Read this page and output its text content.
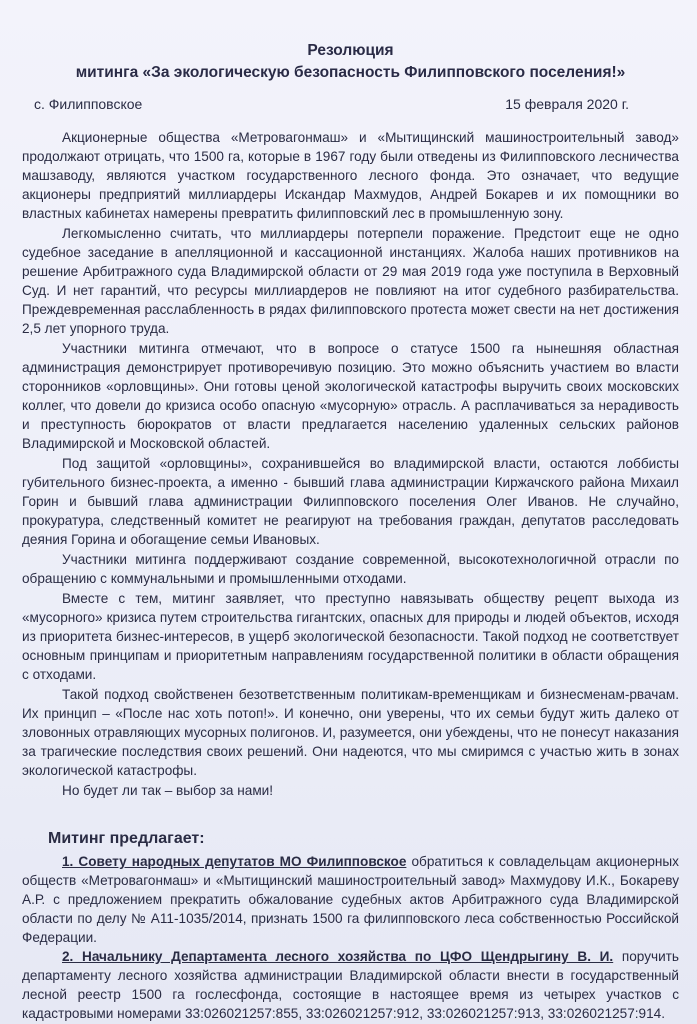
Резолюция
митинга «За экологическую безопасность Филипповского поселения!»
с. Филипповское	15 февраля 2020 г.

Акционерные общества «Метровагонмаш» и «Мытищинский машиностроительный завод» продолжают отрицать, что 1500 га, которые в 1967 году были отведены из Филипповского лесничества машзаводу, являются участком государственного лесного фонда. Это означает, что ведущие акционеры предприятий миллиардеры Искандар Махмудов, Андрей Бокарев и их помощники во властных кабинетах намерены превратить филипповский лес в промышленную зону.

Легкомысленно считать, что миллиардеры потерпели поражение. Предстоит еще не одно судебное заседание в апелляционной и кассационной инстанциях. Жалоба наших противников на решение Арбитражного суда Владимирской области от 29 мая 2019 года уже поступила в Верховный Суд. И нет гарантий, что ресурсы миллиардеров не повлияют на итог судебного разбирательства. Преждевременная расслабленность в рядах филипповского протеста может свести на нет достижения 2,5 лет упорного труда.

Участники митинга отмечают, что в вопросе о статусе 1500 га нынешняя областная администрация демонстрирует противоречивую позицию. Это можно объяснить участием во власти сторонников «орловщины». Они готовы ценой экологической катастрофы выручить своих московских коллег, что довели до кризиса особо опасную «мусорную» отрасль. А расплачиваться за нерадивость и преступность бюрократов от власти предлагается населению удаленных сельских районов Владимирской и Московской областей.

Под защитой «орловщины», сохранившейся во владимирской власти, остаются лоббисты губительного бизнес-проекта, а именно - бывший глава администрации Киржачского района Михаил Горин и бывший глава администрации Филипповского поселения Олег Иванов. Не случайно, прокуратура, следственный комитет не реагируют на требования граждан, депутатов расследовать деяния Горина и обогащение семьи Ивановых.

Участники митинга поддерживают создание современной, высокотехнологичной отрасли по обращению с коммунальными и промышленными отходами.

Вместе с тем, митинг заявляет, что преступно навязывать обществу рецепт выхода из «мусорного» кризиса путем строительства гигантских, опасных для природы и людей объектов, исходя из приоритета бизнес-интересов, в ущерб экологической безопасности. Такой подход не соответствует основным принципам и приоритетным направлениям государственной политики в области обращения с отходами.

Такой подход свойственен безответственным политикам-временщикам и бизнесменам-рвачам. Их принцип – «После нас хоть потоп!». И конечно, они уверены, что их семьи будут жить далеко от зловонных отравляющих мусорных полигонов. И, разумеется, они убеждены, что не понесут наказания за трагические последствия своих решений. Они надеются, что мы смиримся с участью жить в зонах экологической катастрофы.

Но будет ли так – выбор за нами!

Митинг предлагает:

1. Совету народных депутатов МО Филипповское обратиться к совладельцам акционерных обществ «Метровагонмаш» и «Мытищинский машиностроительный завод» Махмудову И.К., Бокареву А.Р. с предложением прекратить обжалование судебных актов Арбитражного суда Владимирской области по делу № А11-1035/2014, признать 1500 га филипповского леса собственностью Российской Федерации.

2. Начальнику Департамента лесного хозяйства по ЦФО Щендрыгину В. И. поручить департаменту лесного хозяйства администрации Владимирской области внести в государственный лесной реестр 1500 га гослесфонда, состоящие в настоящее время из четырех участков с кадастровыми номерами 33:026021257:855, 33:026021257:912, 33:026021257:913, 33:026021257:914.
